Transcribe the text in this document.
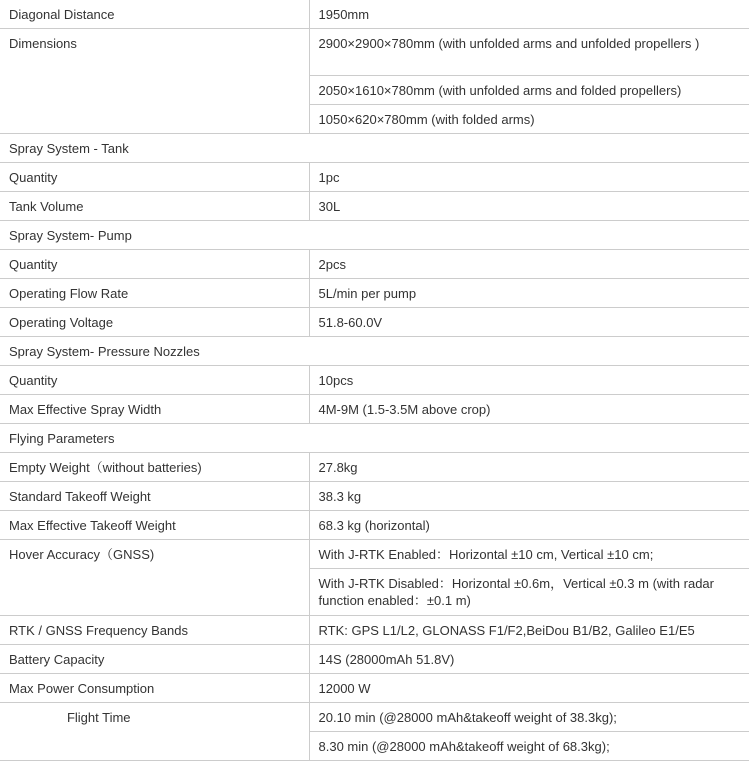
Diagonal Distance	1950mm
Dimensions	2900×2900×780mm (with unfolded arms and unfolded propellers )
	2050×1610×780mm (with unfolded arms and folded propellers)
	1050×620×780mm (with folded arms)
Spray System - Tank	
Quantity	1pc
Tank Volume	30L
Spray System- Pump	
Quantity	2pcs
Operating Flow Rate	5L/min per pump
Operating Voltage	51.8-60.0V
Spray System- Pressure Nozzles	
Quantity	10pcs
Max Effective Spray Width	4M-9M (1.5-3.5M above crop)
Flying Parameters	
Empty Weight（without batteries)	27.8kg
Standard Takeoff Weight	38.3 kg
Max Effective Takeoff Weight	68.3 kg (horizontal)
Hover Accuracy（GNSS)	With J-RTK Enabled：Horizontal ±10 cm, Vertical ±10 cm;
	With J-RTK Disabled：Horizontal ±0.6m，Vertical ±0.3 m (with radar function enabled：±0.1 m)
RTK / GNSS Frequency Bands	RTK: GPS L1/L2, GLONASS F1/F2,BeiDou B1/B2, Galileo E1/E5
Battery Capacity	14S (28000mAh 51.8V)
Max Power Consumption	12000 W
Flight Time	20.10 min (@28000 mAh&takeoff weight of 38.3kg);
	8.30 min (@28000 mAh&takeoff weight of 68.3kg);
